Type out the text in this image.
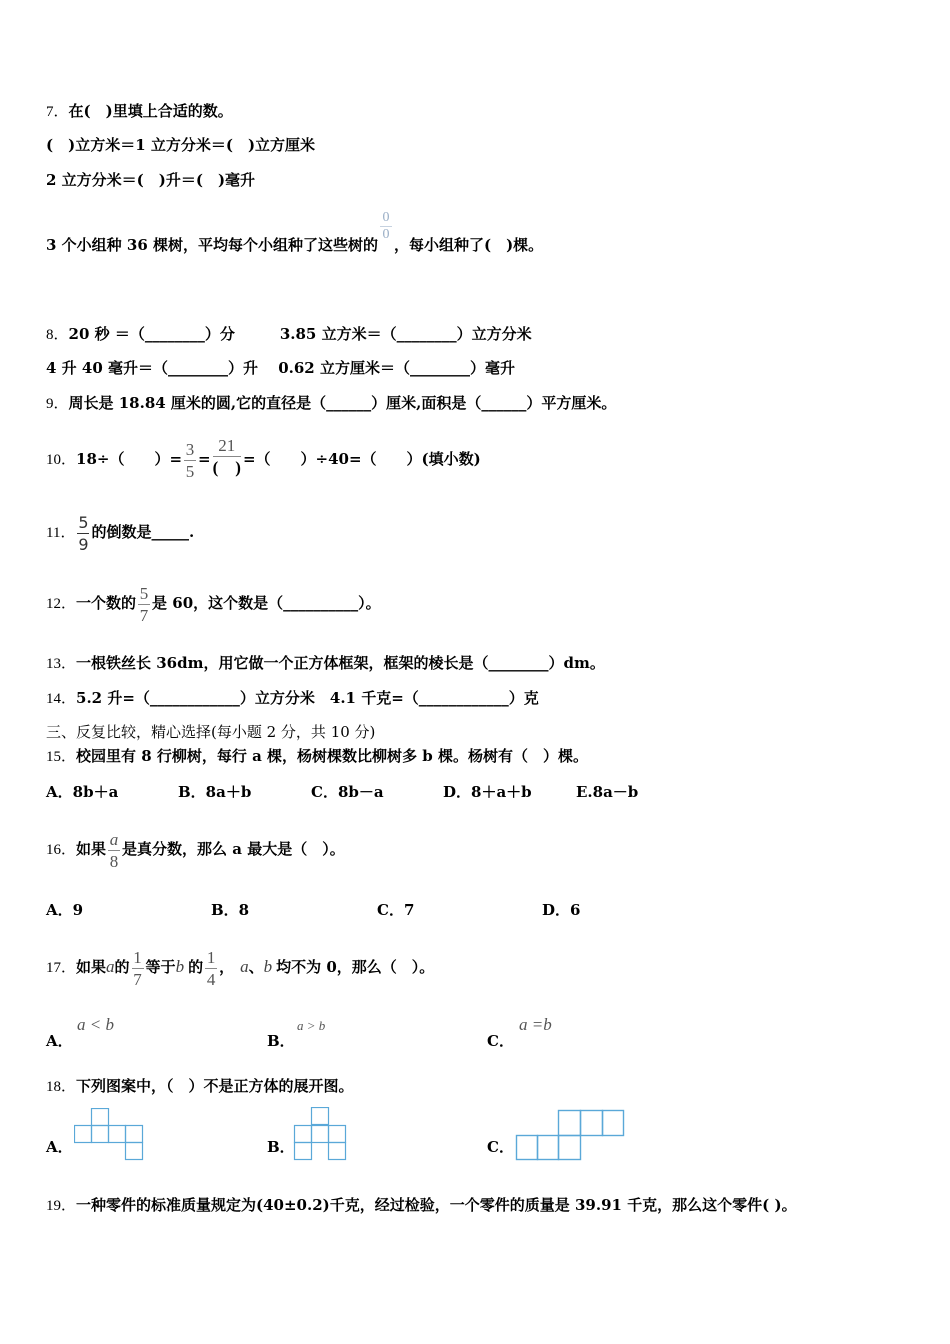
7．在(　)里填上合适的数。
(　)立方米＝1 立方分米＝(　)立方厘米
2 立方分米＝(　)升＝(　)毫升
3 个小组种 36 棵树，平均每个小组种了这些树的
$\frac{0}{0}$
，每小组种了(　)棵。
8．20 秒 ＝（________）分　　　3.85 立方米＝（________）立方分米
4 升 40 毫升＝（________）升　 0.62 立方厘米＝（________）毫升
9．周长是 18.84 厘米的圆,它的直径是（______）厘米,面积是（______）平方厘米。
10．18÷（　　）= $\frac{3}{5} = \frac{21}{( )}$ =（　　）÷40=（　　）(填小数)
11． $\frac{5}{9}$ 的倒数是_____.
12．一个数的 $\frac{5}{7}$ 是 60，这个数是（__________）。
13．一根铁丝长 36dm，用它做一个正方体框架，框架的棱长是（________）dm。
14．5.2 升=（____________）立方分米　4.1 千克=（____________）克
三、反复比较，精心选择(每小题 2 分，共 10 分)
15．校园里有 8 行柳树，每行 a 棵，杨树棵数比柳树多 b 棵。杨树有（　）棵。
A．8b＋a	B．8a＋b	C．8b－a	D．8＋a＋b	E.8a－b
16．如果 $\frac{a}{8}$ 是真分数，那么 a 最大是（　）。
A．9	B．8	C．7	D．6
17．如果a的 $\frac{1}{7}$ 等于b 的 $\frac{1}{4}$ ， a、b 均不为 0，那么（　）。
A．
a < b
B．
a > b
C．
a =b
18．下列图案中，（　）不是正方体的展开图。
A．	B．	C．
19．一种零件的标准质量规定为(40±0.2)千克，经过检验，一个零件的质量是 39.91 千克，那么这个零件( )。
